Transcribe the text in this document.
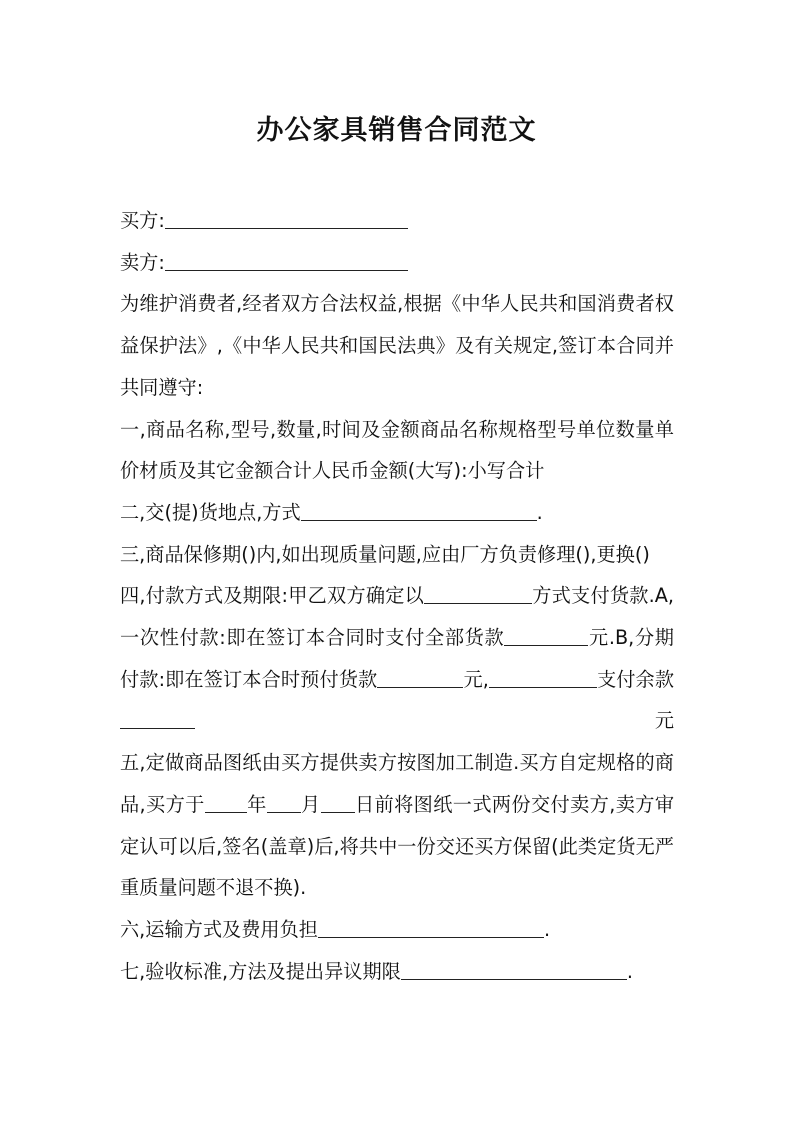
办公家具销售合同范文

买方:

卖方:

为维护消费者,经者双方合法权益,根据《中华人民共和国消费者权益保护法》,《中华人民共和国民法典》及有关规定,签订本合同并共同遵守:

一,商品名称,型号,数量,时间及金额商品名称规格型号单位数量单价材质及其它金额合计人民币金额(大写):小写合计

二,交(提)货地点,方式	.

三,商品保修期()内,如出现质量问题,应由厂方负责修理(),更换()

四,付款方式及期限:甲乙双方确定以	方式支付货款.A,一次性付款:即在签订本合同时支付全部货款	元.B,分期付款:即在签订本合时预付货款	元,	支付余款 元

五,定做商品图纸由买方提供卖方按图加工制造.买方自定规格的商品,买方于 年 月 日前将图纸一式两份交付卖方,卖方审定认可以后,签名(盖章)后,将共中一份交还买方保留(此类定货无严重质量问题不退不换).

六,运输方式及费用负担	.

七,验收标准,方法及提出异议期限	.
